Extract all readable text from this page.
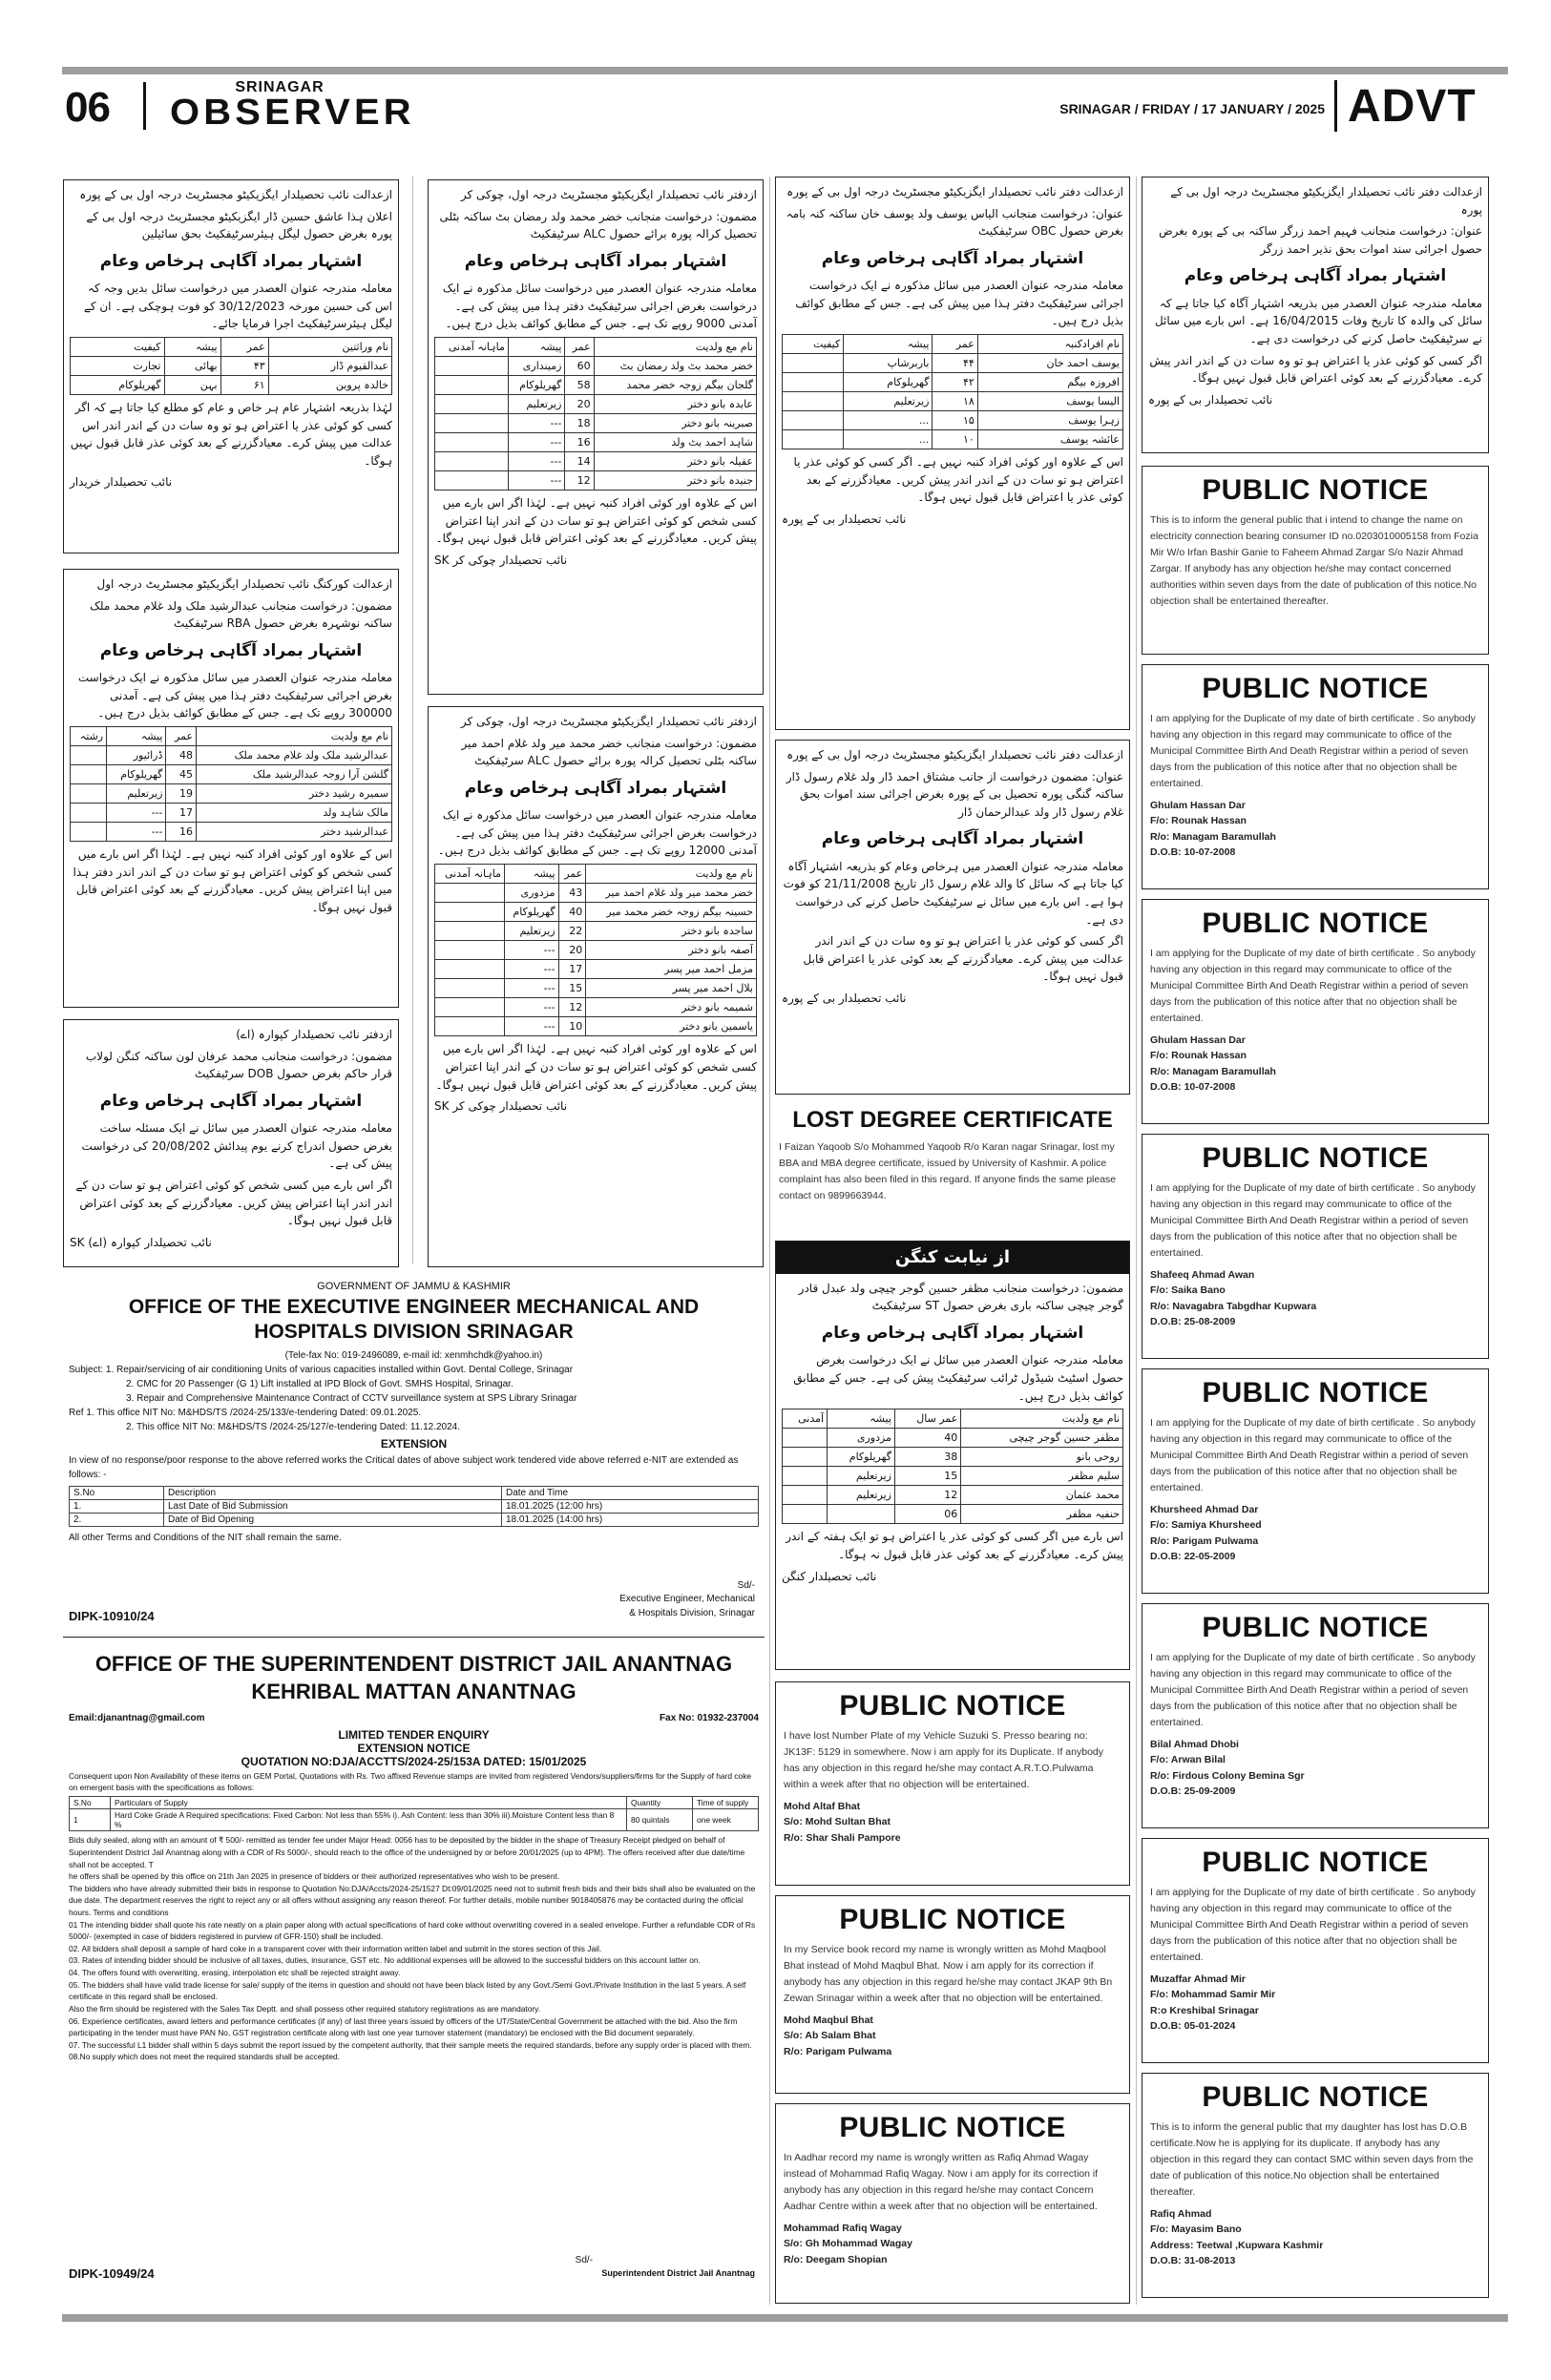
06	SRINAGAR
OBSERVER	SRINAGAR / FRIDAY / 17 JANUARY / 2025 ADVT

ازعدالت نائب تحصیلدار ایگزیکیٹو مجسٹریٹ درجہ اول بی کے پورہ

اعلان ہذا عاشق حسین ڈار ایگزیکیٹو مجسٹریٹ درجہ اول بی کے پورہ بغرض حصول لیگل ہیئرسرٹیفکیٹ بحق سائیلین

اشتہار بمراد آگاہی ہرخاص وعام

معاملہ مندرجہ عنوان العصدر میں درخواست سائل بدیں وجہ کہ اس کی حسین مورخہ 30/12/2023 کو فوت ہوچکی ہے۔ ان کے لیگل ہیئرسرٹیفکیٹ اجرا فرمایا جائے۔

نام وراثتین	عمر	پیشہ	کیفیت
عبدالقیوم ڈار	۴۳	بھائی	تجارت
خالدہ پروین	۶۱	بہن	گھریلوکام

لہٰذا بذریعہ اشتہار عام ہر خاص و عام کو مطلع کیا جاتا ہے کہ اگر کسی کو کوئی عذر یا اعتراض ہو تو وہ سات دن کے اندر اندر اس عدالت میں پیش کرے۔ معیادگزرنے کے بعد کوئی عذر قابل قبول نہیں ہوگا۔

نائب تحصیلدار خریدار

ازعدالت کورکنگ نائب تحصیلدار ایگزیکیٹو مجسٹریٹ درجہ اول

مضمون: درخواست منجانب عبدالرشید ملک ولد غلام محمد ملک ساکنہ نوشہرہ بغرض حصول RBA سرٹیفکیٹ

اشتہار بمراد آگاہی ہرخاص وعام

معاملہ مندرجہ عنوان العصدر میں سائل مذکورہ نے ایک درخواست بغرض اجرائی سرٹیفکیٹ دفتر ہذا میں پیش کی ہے۔ آمدنی 300000 روپے تک ہے۔ جس کے مطابق کوائف بذیل درج ہیں۔

نام مع ولدیت	عمر	پیشہ	رشتہ
عبدالرشید ملک ولد غلام محمد ملک	48	ڈرائیور	
گلشن آرا زوجہ عبدالرشید ملک	45	گھریلوکام	
سمیرہ رشید دختر	19	زیرتعلیم	
مالک شاہد ولد	17	---	
عبدالرشید دختر	16	---	

اس کے علاوہ اور کوئی افراد کنبہ نہیں ہے۔ لہٰذا اگر اس بارے میں کسی شخص کو کوئی اعتراض ہو تو سات دن کے اندر اندر دفتر ہذا میں اپنا اعتراض پیش کریں۔ معیادگزرنے کے بعد کوئی اعتراض قابل قبول نہیں ہوگا۔

ازدفتر نائب تحصیلدار کپوارہ (اے)

مضمون: درخواست منجانب محمد عرفان لون ساکنہ کنگن لولاب قرار حاکم بغرض حصول DOB سرٹیفکیٹ

اشتہار بمراد آگاہی ہرخاص وعام

معاملہ مندرجہ عنوان العصدر میں سائل نے ایک مسئلہ ساخت بغرض حصول اندراج کرنے یوم پیدائش 20/08/202 کی درخواست پیش کی ہے۔

اگر اس بارے میں کسی شخص کو کوئی اعتراض ہو تو سات دن کے اندر اندر اپنا اعتراض پیش کریں۔ معیادگزرنے کے بعد کوئی اعتراض قابل قبول نہیں ہوگا۔

نائب تحصیلدار کپوارہ (اے) SK

ازدفتر نائب تحصیلدار ایگزیکیٹو مجسٹریٹ درجہ اول، چوکی کر

مضمون: درخواست منجانب خضر محمد ولد رمضان بٹ ساکنہ بٹلی تحصیل کرالہ پورہ برائے حصول ALC سرٹیفکیٹ

اشتہار بمراد آگاہی ہرخاص وعام

معاملہ مندرجہ عنوان العصدر میں درخواست سائل مذکورہ نے ایک درخواست بغرض اجرائی سرٹیفکیٹ دفتر ہذا میں پیش کی ہے۔ آمدنی 9000 روپے تک ہے۔ جس کے مطابق کوائف بذیل درج ہیں۔

نام مع ولدیت	عمر	پیشہ	ماہانہ آمدنی
خضر محمد بٹ ولد رمضان بٹ	60	زمینداری	
گلجان بیگم زوجہ خضر محمد	58	گھریلوکام	
عابدہ بانو دختر	20	زیرتعلیم	
صبرینہ بانو دختر	18	---	
شاہد احمد بٹ ولد	16	---	
عقیلہ بانو دختر	14	---	
جنیدہ بانو دختر	12	---	

اس کے علاوہ اور کوئی افراد کنبہ نہیں ہے۔ لہٰذا اگر اس بارے میں کسی شخص کو کوئی اعتراض ہو تو سات دن کے اندر اپنا اعتراض پیش کریں۔ معیادگزرنے کے بعد کوئی اعتراض قابل قبول نہیں ہوگا۔

نائب تحصیلدار چوکی کر SK

ازدفتر نائب تحصیلدار ایگزیکیٹو مجسٹریٹ درجہ اول، چوکی کر

مضمون: درخواست منجانب خضر محمد میر ولد غلام احمد میر ساکنہ بٹلی تحصیل کرالہ پورہ برائے حصول ALC سرٹیفکیٹ

اشتہار بمراد آگاہی ہرخاص وعام

معاملہ مندرجہ عنوان العصدر میں درخواست سائل مذکورہ نے ایک درخواست بغرض اجرائی سرٹیفکیٹ دفتر ہذا میں پیش کی ہے۔ آمدنی 12000 روپے تک ہے۔ جس کے مطابق کوائف بذیل درج ہیں۔

نام مع ولدیت	عمر	پیشہ	ماہانہ آمدنی
خضر محمد میر ولد غلام احمد میر	43	مزدوری	
حسینہ بیگم زوجہ خضر محمد میر	40	گھریلوکام	
ساجدہ بانو دختر	22	زیرتعلیم	
آصفہ بانو دختر	20	---	
مزمل احمد میر پسر	17	---	
بلال احمد میر پسر	15	---	
شمیمہ بانو دختر	12	---	
یاسمین بانو دختر	10	---	

اس کے علاوہ اور کوئی افراد کنبہ نہیں ہے۔ لہٰذا اگر اس بارے میں کسی شخص کو کوئی اعتراض ہو تو سات دن کے اندر اپنا اعتراض پیش کریں۔ معیادگزرنے کے بعد کوئی اعتراض قابل قبول نہیں ہوگا۔

نائب تحصیلدار چوکی کر SK

ازعدالت دفتر نائب تحصیلدار ایگزیکیٹو مجسٹریٹ درجہ اول بی کے پورہ

عنوان: درخواست منجانب الیاس یوسف ولد یوسف خان ساکنہ کنہ بامہ بغرض حصول OBC سرٹیفکیٹ

اشتہار بمراد آگاہی ہرخاص وعام

معاملہ مندرجہ عنوان العصدر میں سائل مذکورہ نے ایک درخواست اجرائی سرٹیفکیٹ دفتر ہذا میں پیش کی ہے۔ جس کے مطابق کوائف بذیل درج ہیں۔

نام افرادکنبہ	عمر	پیشہ	کیفیت
یوسف احمد خان	۴۴	باربرشاپ	
افروزہ بیگم	۴۲	گھریلوکام	
الیسا یوسف	۱۸	زیرتعلیم	
زہرا یوسف	۱۵	...	
عائشہ یوسف	۱۰	...	

اس کے علاوہ اور کوئی افراد کنبہ نہیں ہے۔ اگر کسی کو کوئی عذر یا اعتراض ہو تو سات دن کے اندر اندر پیش کریں۔ معیادگزرنے کے بعد کوئی عذر یا اعتراض قابل قبول نہیں ہوگا۔

نائب تحصیلدار بی کے پورہ

ازعدالت دفتر نائب تحصیلدار ایگزیکیٹو مجسٹریٹ درجہ اول بی کے پورہ

عنوان: مضمون درخواست از جانب مشتاق احمد ڈار ولد غلام رسول ڈار ساکنہ گنگی پورہ تحصیل بی کے پورہ بغرض اجرائی سند اموات بحق غلام رسول ڈار ولد عبدالرحمان ڈار

اشتہار بمراد آگاہی ہرخاص وعام

معاملہ مندرجہ عنوان العصدر میں ہرخاص وعام کو بذریعہ اشتہار آگاہ کیا جاتا ہے کہ سائل کا والد غلام رسول ڈار تاریخ 21/11/2008 کو فوت ہوا ہے۔ اس بارے میں سائل نے سرٹیفکیٹ حاصل کرنے کی درخواست دی ہے۔

اگر کسی کو کوئی عذر یا اعتراض ہو تو وہ سات دن کے اندر اندر عدالت میں پیش کرے۔ معیادگزرنے کے بعد کوئی عذر یا اعتراض قابل قبول نہیں ہوگا۔

نائب تحصیلدار بی کے پورہ

LOST DEGREE CERTIFICATE
I Faizan Yaqoob S/o Mohammed Yaqoob R/o Karan nagar Srinagar, lost my BBA and MBA degree certificate, issued by University of Kashmir. A police complaint has also been filed in this regard. If anyone finds the same please contact on 9899663944.
از نیابت کنگن

مضمون: درخواست منجانب مظفر حسین گوجر چیچی ولد عبدل قادر گوجر چیچی ساکنہ باری بغرض حصول ST سرٹیفکیٹ

اشتہار بمراد آگاہی ہرخاص وعام

معاملہ مندرجہ عنوان العصدر میں سائل نے ایک درخواست بغرض حصول اسٹیٹ شیڈول ٹرائب سرٹیفکیٹ پیش کی ہے۔ جس کے مطابق کوائف بذیل درج ہیں۔

نام مع ولدیت	عمر سال	پیشہ	آمدنی
مظفر حسین گوجر چیچی	40	مزدوری	
روحی بانو	38	گھریلوکام	
سلیم مظفر	15	زیرتعلیم	
محمد عثمان	12	زیرتعلیم	
حنفیہ مظفر	06		

اس بارے میں اگر کسی کو کوئی عذر یا اعتراض ہو تو ایک ہفتہ کے اندر پیش کرے۔ معیادگزرنے کے بعد کوئی عذر قابل قبول نہ ہوگا۔

نائب تحصیلدار کنگن

ازعدالت دفتر نائب تحصیلدار ایگزیکیٹو مجسٹریٹ درجہ اول بی کے پورہ

عنوان: درخواست منجانب فہیم احمد زرگر ساکنہ بی کے پورہ بغرض حصول اجرائی سند اموات بحق نذیر احمد زرگر

اشتہار بمراد آگاہی ہرخاص وعام

معاملہ مندرجہ عنوان العصدر میں بذریعہ اشتہار آگاہ کیا جاتا ہے کہ سائل کی والدہ کا تاریخ وفات 16/04/2015 ہے۔ اس بارے میں سائل نے سرٹیفکیٹ حاصل کرنے کی درخواست دی ہے۔

اگر کسی کو کوئی عذر یا اعتراض ہو تو وہ سات دن کے اندر اندر پیش کرے۔ معیادگزرنے کے بعد کوئی اعتراض قابل قبول نہیں ہوگا۔

نائب تحصیلدار بی کے پورہ

PUBLIC NOTICE
This is to inform the general public that i intend to change the name on electricity connection bearing consumer ID no.0203010005158 from Fozia Mir W/o Irfan Bashir Ganie to Faheem Ahmad Zargar S/o Nazir Ahmad Zargar. If anybody has any objection he/she may contact concerned authorities within seven days from the date of publication of this notice.No objection shall be entertained thereafter.
PUBLIC NOTICE
I am applying for the Duplicate of my date of birth certificate . So anybody having any objection in this regard may communicate to office of the Municipal Committee Birth And Death Registrar within a period of seven days from the publication of this notice after that no objection shall be entertained.
Ghulam Hassan Dar
F/o: Rounak Hassan
R/o: Managam Baramullah
D.O.B: 10-07-2008
PUBLIC NOTICE
I am applying for the Duplicate of my date of birth certificate . So anybody having any objection in this regard may communicate to office of the Municipal Committee Birth And Death Registrar within a period of seven days from the publication of this notice after that no objection shall be entertained.
Ghulam Hassan Dar
F/o: Rounak Hassan
R/o: Managam Baramullah
D.O.B: 10-07-2008
PUBLIC NOTICE
I am applying for the Duplicate of my date of birth certificate . So anybody having any objection in this regard may communicate to office of the Municipal Committee Birth And Death Registrar within a period of seven days from the publication of this notice after that no objection shall be entertained.
Shafeeq Ahmad Awan
F/o: Saika Bano
R/o: Navagabra Tabgdhar Kupwara
D.O.B: 25-08-2009
PUBLIC NOTICE
I am applying for the Duplicate of my date of birth certificate . So anybody having any objection in this regard may communicate to office of the Municipal Committee Birth And Death Registrar within a period of seven days from the publication of this notice after that no objection shall be entertained.
Khursheed Ahmad Dar
F/o: Samiya Khursheed
R/o: Parigam Pulwama
D.O.B: 22-05-2009
PUBLIC NOTICE
I am applying for the Duplicate of my date of birth certificate . So anybody having any objection in this regard may communicate to office of the Municipal Committee Birth And Death Registrar within a period of seven days from the publication of this notice after that no objection shall be entertained.
Bilal Ahmad Dhobi
F/o: Arwan Bilal
R/o: Firdous Colony Bemina Sgr
D.O.B: 25-09-2009
PUBLIC NOTICE
I am applying for the Duplicate of my date of birth certificate . So anybody having any objection in this regard may communicate to office of the Municipal Committee Birth And Death Registrar within a period of seven days from the publication of this notice after that no objection shall be entertained.
Muzaffar Ahmad Mir
F/o: Mohammad Samir Mir
R:o Kreshibal Srinagar
D.O.B: 05-01-2024
PUBLIC NOTICE
This is to inform the general public that my daughter has lost has D.O.B certificate.Now he is applying for its duplicate. If anybody has any objection in this regard they can contact SMC within seven days from the date of publication of this notice.No objection shall be entertained thereafter.
Rafiq Ahmad
F/o: Mayasim Bano
Address: Teetwal ,Kupwara Kashmir
D.O.B: 31-08-2013
PUBLIC NOTICE
I have lost Number Plate of my Vehicle Suzuki S. Presso bearing no: JK13F: 5129 in somewhere. Now i am apply for its Duplicate. If anybody has any objection in this regard he/she may contact A.R.T.O.Pulwama within a week after that no objection will be entertained.
Mohd Altaf Bhat
S/o: Mohd Sultan Bhat
R/o: Shar Shali Pampore
PUBLIC NOTICE
In my Service book record my name is wrongly written as Mohd Maqbool Bhat instead of Mohd Maqbul Bhat. Now i am apply for its correction if anybody has any objection in this regard he/she may contact JKAP 9th Bn Zewan Srinagar within a week after that no objection will be entertained.
Mohd Maqbul Bhat
S/o: Ab Salam Bhat
R/o: Parigam Pulwama
PUBLIC NOTICE
In Aadhar record my name is wrongly written as Rafiq Ahmad Wagay instead of Mohammad Rafiq Wagay. Now i am apply for its correction if anybody has any objection in this regard he/she may contact Concern Aadhar Centre within a week after that no objection will be entertained.
Mohammad Rafiq Wagay
S/o: Gh Mohammad Wagay
R/o: Deegam Shopian
GOVERNMENT OF JAMMU & KASHMIR
OFFICE OF THE EXECUTIVE ENGINEER MECHANICAL AND
HOSPITALS DIVISION SRINAGAR
(Tele-fax No: 019-2496089, e-mail id: xenmhchdk@yahoo.in)
Subject: 1. Repair/servicing of air conditioning Units of various capacities installed within Govt. Dental College, Srinagar
2. CMC for 20 Passenger (G 1) Lift installed at IPD Block of Govt. SMHS Hospital, Srinagar.
3. Repair and Comprehensive Maintenance Contract of CCTV surveillance system at SPS Library Srinagar
Ref 1. This office NIT No: M&HDS/TS /2024-25/133/e-tendering Dated: 09.01.2025.
2. This office NIT No: M&HDS/TS /2024-25/127/e-tendering Dated: 11.12.2024.
EXTENSION
In view of no response/poor response to the above referred works the Critical dates of above subject work tendered vide above referred e-NIT are extended as follows: -
S.No	Description	Date and Time
1.	Last Date of Bid Submission	18.01.2025 (12:00 hrs)
2.	Date of Bid Opening	18.01.2025 (14:00 hrs)
All other Terms and Conditions of the NIT shall remain the same.
Sd/-
Executive Engineer, Mechanical
& Hospitals Division, Srinagar
DIPK-10910/24
OFFICE OF THE SUPERINTENDENT DISTRICT JAIL ANANTNAG
KEHRIBAL MATTAN ANANTNAG
Email:djanantnag@gmail.com	Fax No: 01932-237004
LIMITED TENDER ENQUIRY
EXTENSION NOTICE
QUOTATION NO:DJA/ACCTTS/2024-25/153A DATED: 15/01/2025
Consequent upon Non Availability of these items on GEM Portal, Quotations with Rs. Two affixed Revenue stamps are invited from registered Vendors/suppliers/firms for the Supply of hard coke on emergent basis with the specifications as follows:
S.No	Particulars of Supply	Quantity	Time of supply
1	Hard Coke Grade A Required specifications: Fixed Carbon: Not less than 55% i). Ash Content: less than 30% iii).Moisture Content less than 8 %	80 quintals	one week
Bids duly sealed, along with an amount of ₹ 500/- remitted as tender fee under Major Head: 0056 has to be deposited by the bidder in the shape of Treasury Receipt pledged on behalf of Superintendent District Jail Anantnag along with a CDR of Rs 5000/-, should reach to the office of the undersigned by or before 20/01/2025 (up to 4PM). The offers received after due date/time shall not be accepted. T
he offers shall be opened by this office on 21th Jan 2025 in presence of bidders or their authorized representatives who wish to be present.
The bidders who have already submitted their bids in response to Quotation No:DJA/Accts/2024-25/1527 Dt:09/01/2025 need not to submit fresh bids and their bids shall also be evaluated on the due date. The department reserves the right to reject any or all offers without assigning any reason thereof. For further details, mobile number 9018405876 may be contacted during the official hours. Terms and conditions
01 The intending bidder shall quote his rate neatly on a plain paper along with actual specifications of hard coke without overwriting covered in a sealed envelope. Further a refundable CDR of Rs 5000/- (exempted in case of bidders registered in purview of GFR-150) shall be included.
02. All bidders shall deposit a sample of hard coke in a transparent cover with their information written label and submit in the stores section of this Jail.
03. Rates of intending bidder should be inclusive of all taxes, duties, insurance, GST etc. No additional expenses will be allowed to the successful bidders on this account latter on.
04. The offers found with overwriting, erasing, interpolation etc shall be rejected straight away.
05. The bidders shall have valid trade license for sale/ supply of the items in question and should not have been black listed by any Govt./Semi Govt./Private Institution in the last 5 years. A self certificate in this regard shall be enclosed.
Also the firm should be registered with the Sales Tax Deptt. and shall possess other required statutory registrations as are mandatory.
06. Experience certificates, award letters and performance certificates (if any) of last three years issued by officers of the UT/State/Central Government be attached with the bid. Also the firm participating in the tender must have PAN No, GST registration certificate along with last one year turnover statement (mandatory) be enclosed with the Bid document separately.
07. The successful L1 bidder shall within 5 days submit the report issued by the competent authority, that their sample meets the required standards, before any supply order is placed with them.
08.No supply which does not meet the required standards shall be accepted.
Sd/-
Superintendent District Jail Anantnag
DIPK-10949/24
